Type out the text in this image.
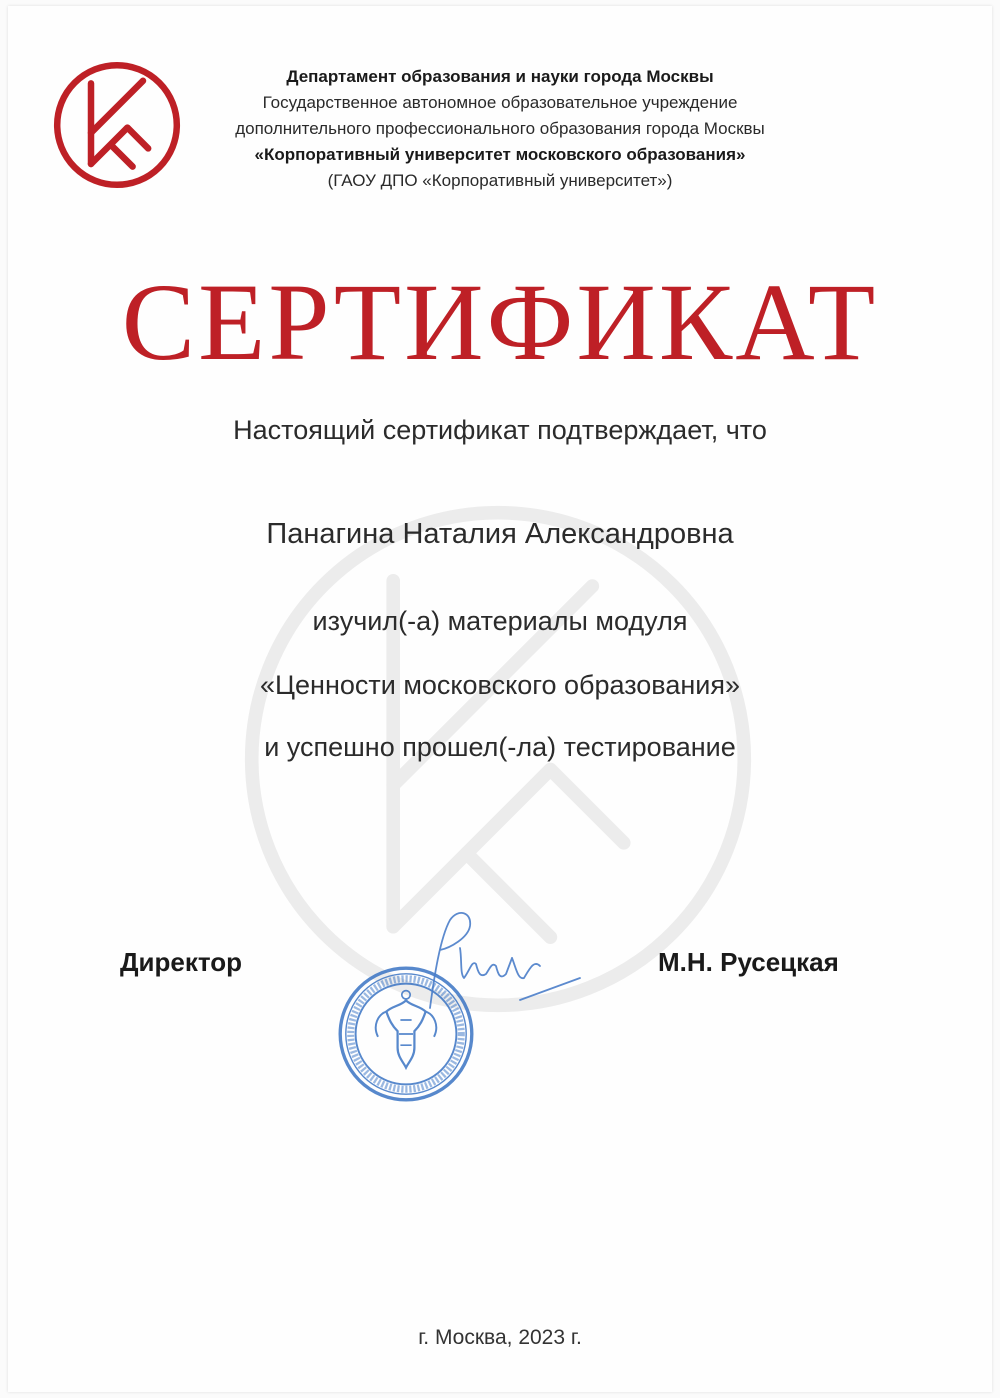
Департамент образования и науки города Москвы
Государственное автономное образовательное учреждение
дополнительного профессионального образования города Москвы
«Корпоративный университет московского образования»
(ГАОУ ДПО «Корпоративный университет»)
СЕРТИФИКАТ
Настоящий сертификат подтверждает, что
Панагина Наталия Александровна
изучил(-а) материалы модуля
«Ценности московского образования»
и успешно прошел(-ла) тестирование
Директор	М.Н. Русецкая
г. Москва, 2023 г.
